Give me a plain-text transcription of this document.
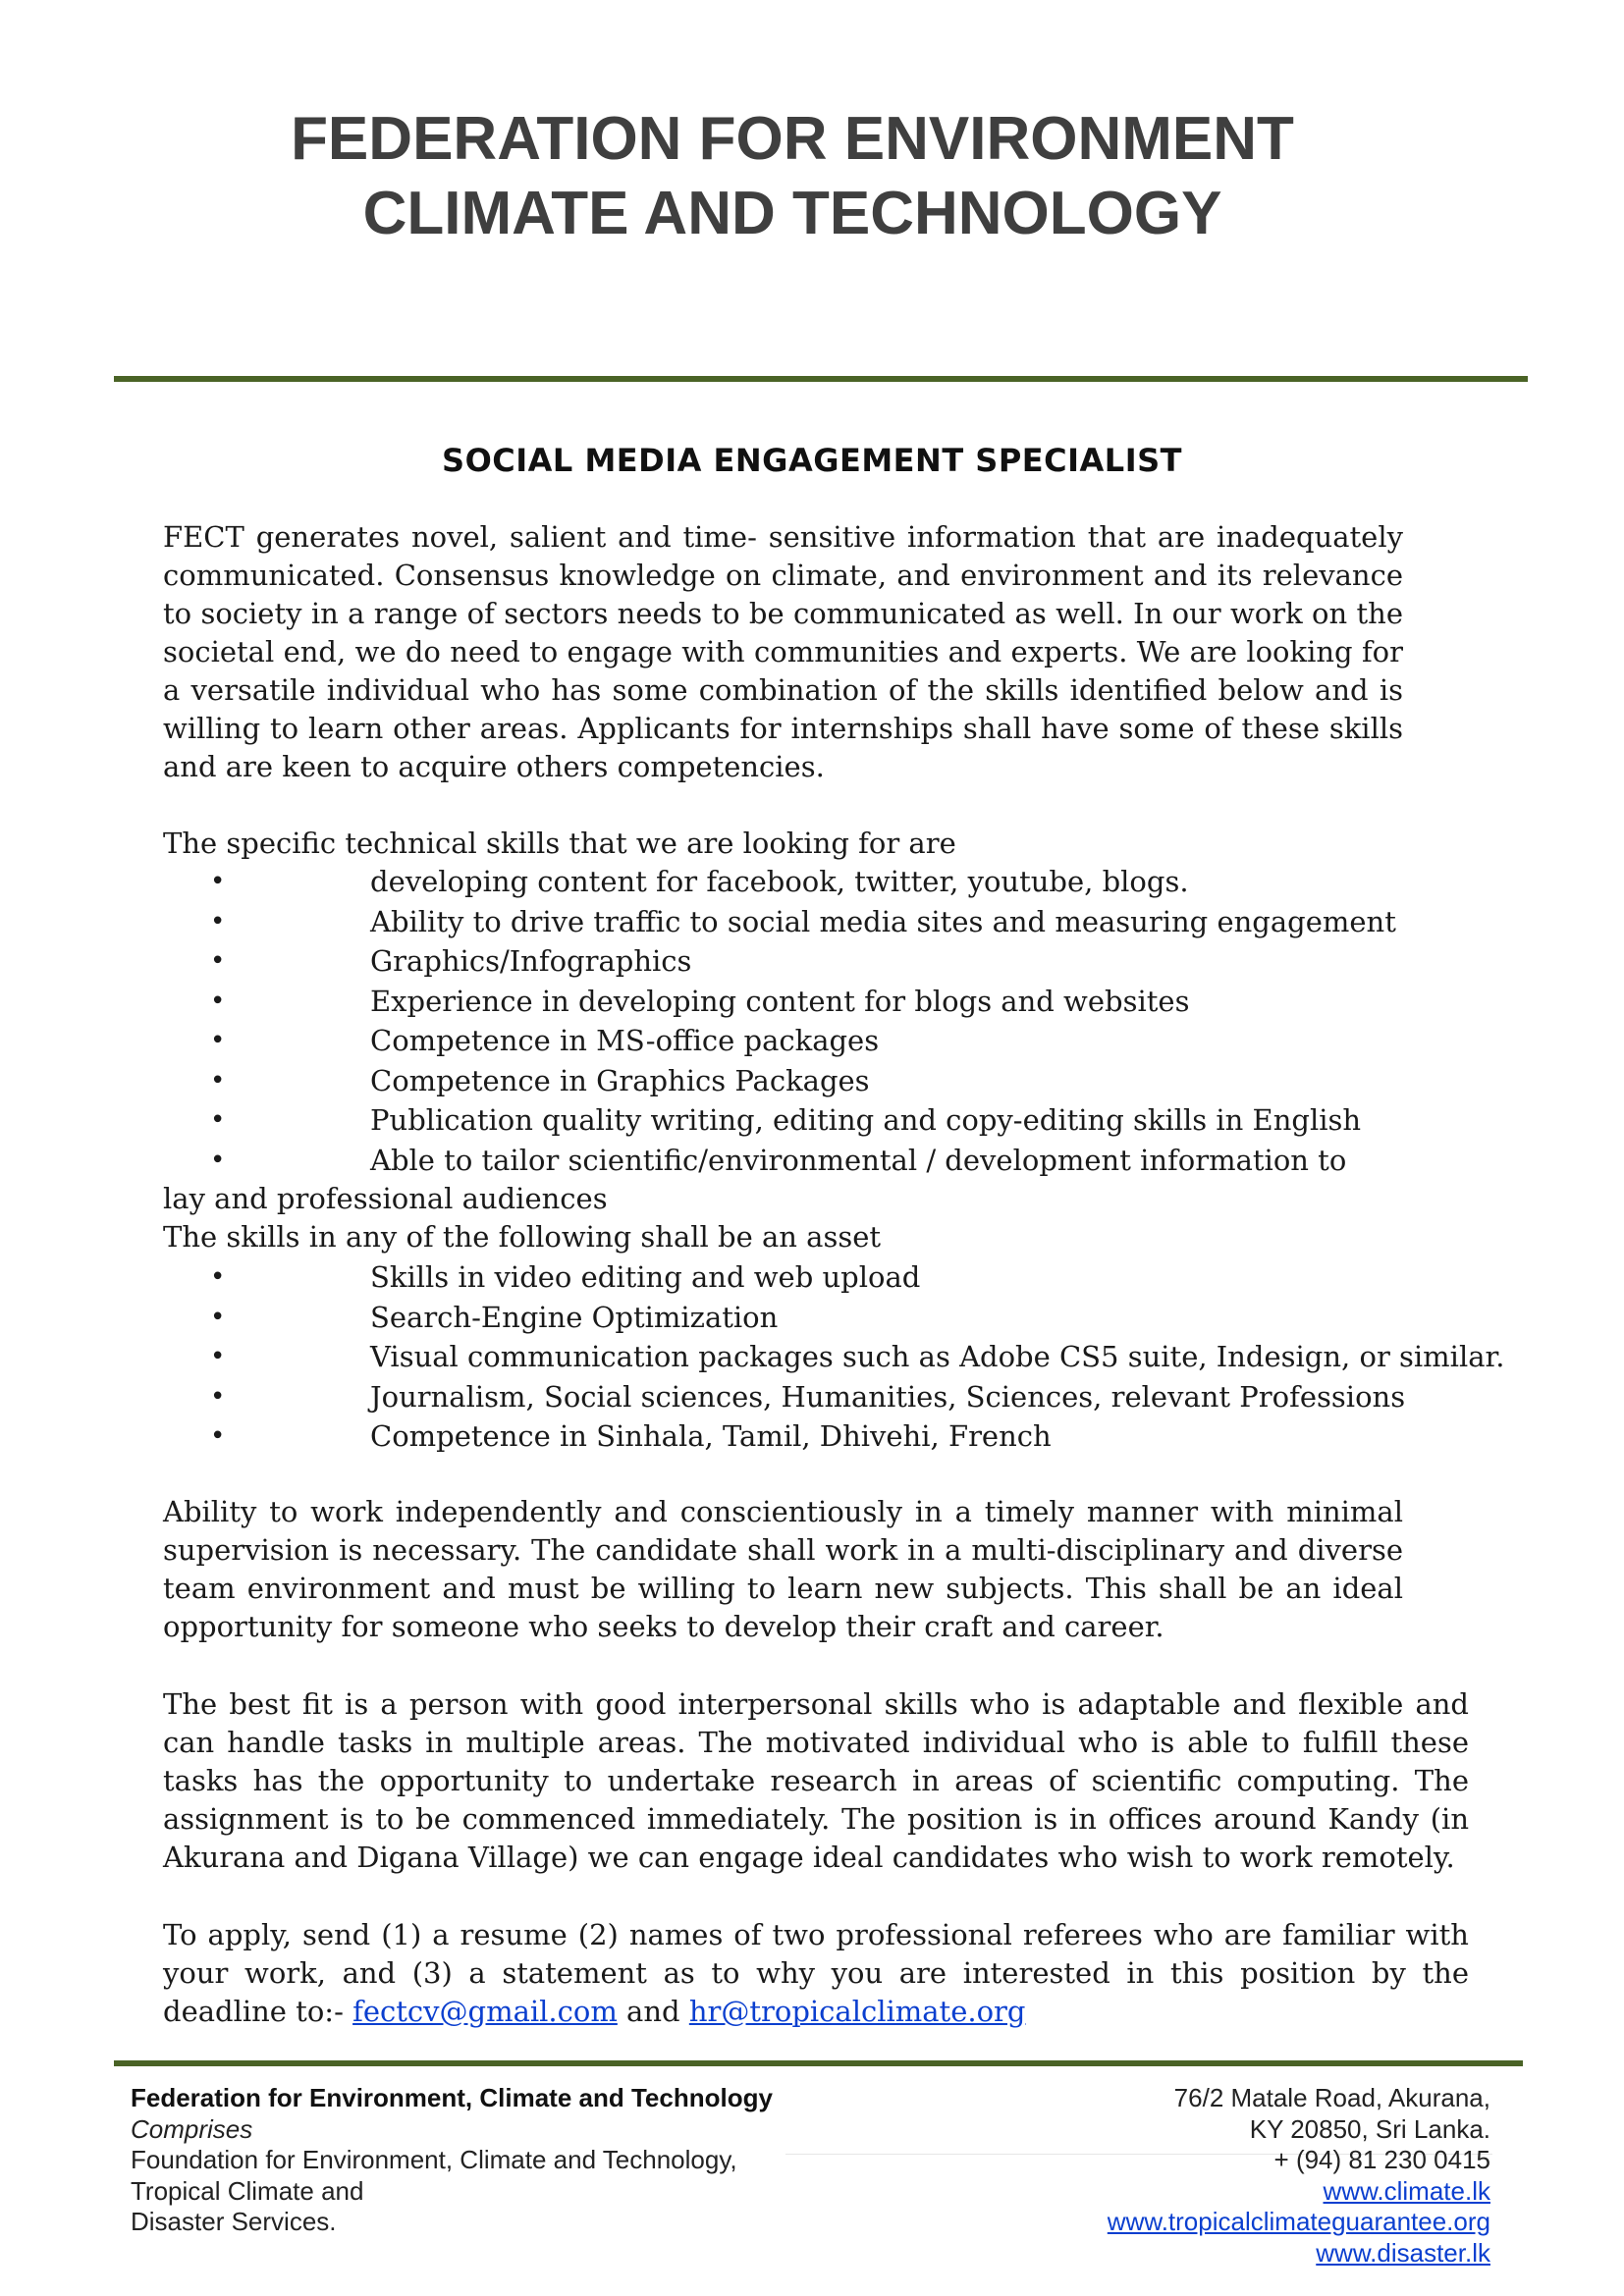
FEDERATION FOR ENVIRONMENT
CLIMATE AND TECHNOLOGY
SOCIAL MEDIA ENGAGEMENT SPECIALIST

FECT generates novel, salient and time- sensitive information that are inadequately communicated. Consensus knowledge on climate, and environment and its relevance to society in a range of sectors needs to be communicated as well. In our work on the societal end, we do need to engage with communities and experts. We are looking for a versatile individual who has some combination of the skills identified below and is willing to learn other areas. Applicants for internships shall have some of these skills and are keen to acquire others competencies.

The specific technical skills that we are looking for are
•	developing content for facebook, twitter, youtube, blogs.
•	Ability to drive traffic to social media sites and measuring engagement
•	Graphics/Infographics
•	Experience in developing content for blogs and websites
•	Competence in MS-office packages
•	Competence in Graphics Packages
•	Publication quality writing, editing and copy-editing skills in English
•	Able to tailor scientific/environmental / development information to
lay and professional audiences
The skills in any of the following shall be an asset
•	Skills in video editing and web upload
•	Search-Engine Optimization
•	Visual communication packages such as Adobe CS5 suite, Indesign, or similar.
•	Journalism, Social sciences, Humanities, Sciences, relevant Professions
•	Competence in Sinhala, Tamil, Dhivehi, French

Ability to work independently and conscientiously in a timely manner with minimal supervision is necessary. The candidate shall work in a multi-disciplinary and diverse team environment and must be willing to learn new subjects. This shall be an ideal opportunity for someone who seeks to develop their craft and career.

The best fit is a person with good interpersonal skills who is adaptable and flexible and can handle tasks in multiple areas. The motivated individual who is able to fulfill these tasks has the opportunity to undertake research in areas of scientific computing. The assignment is to be commenced immediately. The position is in offices around Kandy (in Akurana and Digana Village) we can engage ideal candidates who wish to work remotely.

To apply, send (1) a resume (2) names of two professional referees who are familiar with your work, and (3) a statement as to why you are interested in this position by the deadline to:- fectcv@gmail.com and hr@tropicalclimate.org

Federation for Environment, Climate and Technology
Comprises
Foundation for Environment, Climate and Technology,
Tropical Climate and
Disaster Services.
76/2 Matale Road, Akurana,
KY 20850, Sri Lanka.
+ (94) 81 230 0415
www.climate.lk
www.tropicalclimateguarantee.org
www.disaster.lk
